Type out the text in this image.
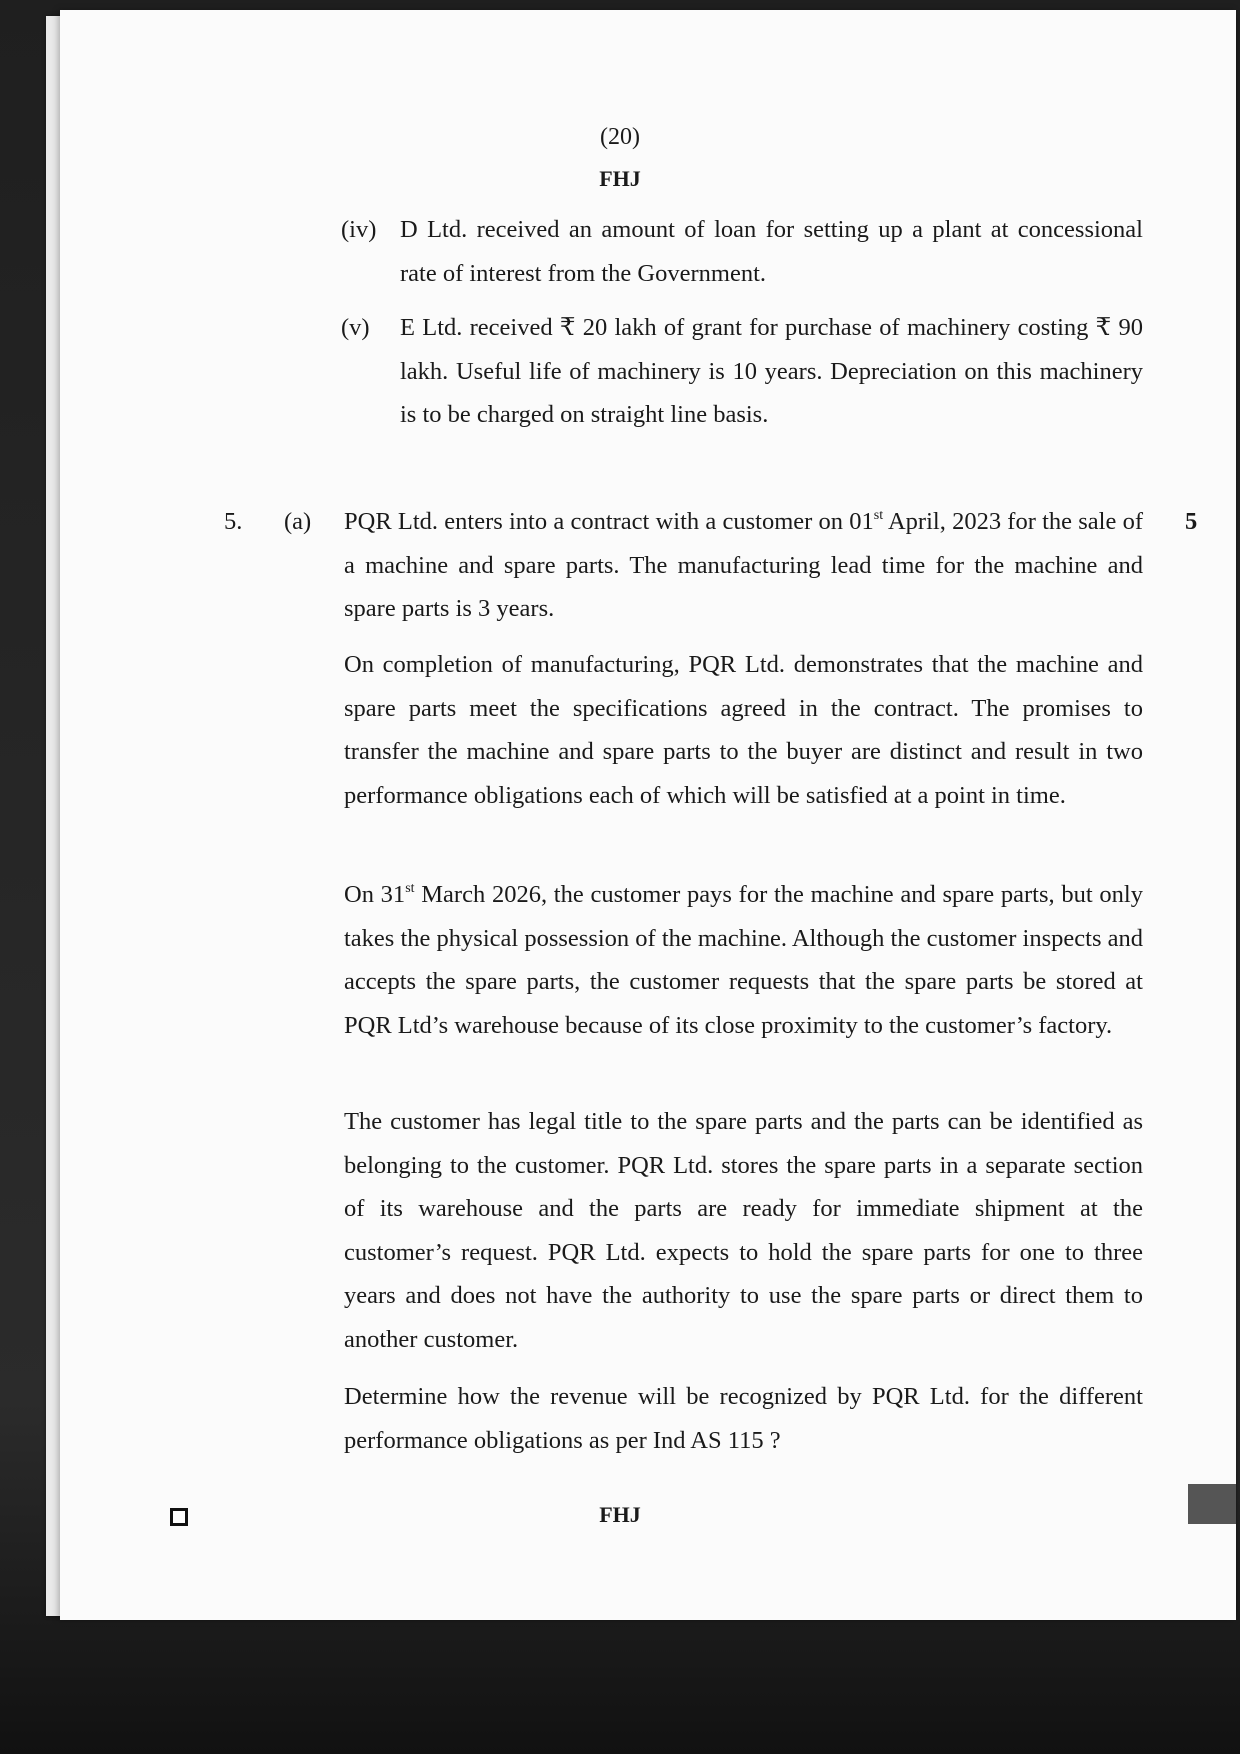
(20)
FHJ
(iv) D Ltd. received an amount of loan for setting up a plant at concessional rate of interest from the Government.
(v)	E Ltd. received ₹ 20 lakh of grant for purchase of machinery costing ₹ 90 lakh. Useful life of machinery is 10 years. Depreciation on this machinery is to be charged on straight line basis.
5. (a)	5
PQR Ltd. enters into a contract with a customer on 01st April, 2023 for the sale of a machine and spare parts. The manufacturing lead time for the machine and spare parts is 3 years.
On completion of manufacturing, PQR Ltd. demonstrates that the machine and spare parts meet the specifications agreed in the contract. The promises to transfer the machine and spare parts to the buyer are distinct and result in two performance obligations each of which will be satisfied at a point in time.
On 31st March 2026, the customer pays for the machine and spare parts, but only takes the physical possession of the machine. Although the customer inspects and accepts the spare parts, the customer requests that the spare parts be stored at PQR Ltd’s warehouse because of its close proximity to the customer’s factory.
The customer has legal title to the spare parts and the parts can be identified as belonging to the customer. PQR Ltd. stores the spare parts in a separate section of its warehouse and the parts are ready for immediate shipment at the customer’s request. PQR Ltd. expects to hold the spare parts for one to three years and does not have the authority to use the spare parts or direct them to another customer.
Determine how the revenue will be recognized by PQR Ltd. for the different performance obligations as per Ind AS 115 ?
FHJ
